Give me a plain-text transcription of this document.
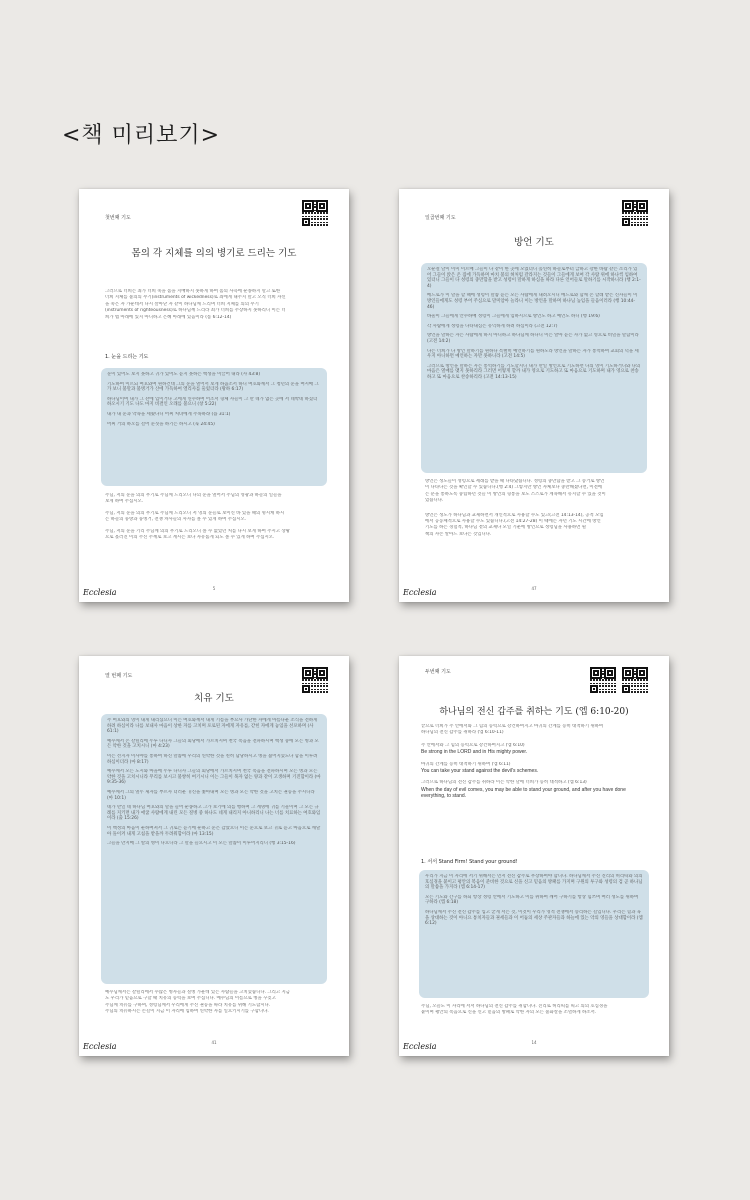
<책 미리보기>
첫번째 기도
몸의 각 지체를 의의 병기로 드리는 기도
그러므로 너희는 죄가 너희 죽을 몸을 지배하지 못하게 하여 몸의 사욕에 순종하지 말고 또한
너희 지체를 불의의 무기(instruments of wickedness)로 죄에게 내주지 말고 오직 너희 자신
을 죽은 자 가운데서 다시 살아난 자 같이 하나님께 드리며 너희 지체를 의의 무기
(instruments of righteousness)로 하나님께 드리라 죄가 너희를 주장하지 못하리니 이는 너
희가 법 아래에 있지 아니하고 은혜 아래에 있음이라 (롬 6:12-14)
1. 눈을 드리는 기도
눈이 있어도 보지 못하고 귀가 있어도 듣지 못하는 백성을 이끌어 내라 (사 43:8)
기도하여 이르되 여호와여 원하건대 그의 눈을 열어서 보게 하옵소서 하니 여호와께서 그 청년의 눈을 여시매 그가 보니 불말과 불병거가 산에 가득하여 엘리사를 둘렀더라 (왕하 6:17)
하나님이여 내가 그 잔에 입이거나 고에게 연수하여 어조서 형체 사들이 그 만 네가 없는 곳에 서 네박네 하셨더 하오시기 기도 나도 마지 비결인 오래를 불으니 (창 5:22)
내가 내 눈과 약속을 세웠나니 어찌 처녀에게 주목하랴 (욥 31:1)
어찌 거의 하오를 걸어 눈짓을 하기는 하시고 (눅 24:45)
주님, 저의 눈을 의의 무기로 주님께 드리오니 나의 눈을 열어서 주님의 영광과 하늘의 일들을
보게 하여 주십시오.
주님, 저의 눈을 의의 무기로 주님께 드리오니 저 영의 눈들로 보이신 바 있을 때의 명시케 하시
는 하늘의 풍방과 풍병거, 전쟁 차사들의 사자를 볼 수 있게 하여 주십시오.
주님, 저의 눈을 기리 주님께 의의 무기로 드리오니 볼 수 없었던 처를 다시 보게 하여 주시고 상황
으로 흘러진 이의 주신 주께로 보고 계시는 보다 자유롭게 되도 볼 수 있게 하여 주십시오.
5
Ecclesia
일곱번째 기도
방언 기도
오순절 날이 이미 이르매 그들이 다 같이 한 곳에 모였더니 홀연히 하늘로부터 급하고 강한 바람 같은 소리가 있어 그들이 앉은 온 집에 가득하며 마치 불의 혀처럼 갈라지는 것들이 그들에게 보여 각 사람 위에 하나씩 임하여 있더니 그들이 다 성령의 충만함을 받고 성령이 말하게 하심을 따라 다른 언어들로 말하기를 시작하니라 (행 2:1-4)
베드로가 이 말을 할 때에 성령이 말씀 듣는 모든 사람에게 내려오시니 베드로와 함께 온 할례 받은 신자들이 이방인들에게도 성령 부어 주심으로 말미암아 놀라니 이는 방언을 말하며 하나님 높임을 들음이러라 (행 10:44-46)
바울이 그들에게 안수하매 성령이 그들에게 임하시므로 방언도 하고 예언도 하니 (행 19:6)
각 사람에게 성령을 나타내심은 유익하게 하려 하심이라 (고전 12:7)
방언을 말하는 자는 사람에게 하지 아니하고 하나님께 하나니 이는 알아 듣는 자가 없고 영으로 비밀을 말함이라 (고전 14:2)
나는 너희가 다 방언 말하기를 원하나 특별히 예언하기를 원하노라 방언을 말하는 자가 통역하여 교회의 덕을 세우지 아니하면 예언하는 자만 못하니라 (고전 14:5)
그러므로 방언을 말하는 자는 통역하기를 기도할지니 내가 만일 방언으로 기도하면 나의 영이 기도하거니와 나의 마음은 열매를 맺지 못하리라 그러면 어떻게 할까 내가 영으로 기도하고 또 마음으로 기도하며 내가 영으로 찬송하고 또 마음으로 찬송하리라 (고전 14:13-15)
방언은 성도들이 성령으로 세례를 받을 때 나타났습니다. 성령의 충만함을 받고 그 증거로 방언
이 나타나는 것을 확인할 수 있습니다.(행 2:4) 그렇지만 방언 자체보다 충만해졌다면, 이전에
는 분을 통하도록 중립하던 것들 이 방언의 형통을 보도 스스로가 계속해서 유지할 수 있을 것이
었습니다.
방언은 성도가 하나님과 교제하면서 개인적으로 사용할 수도 있고(고전 14:13-14), 공적 모임
에서 공동체적으로 사용할 수도 있습니다.(고전 14:27-28) 이 때에는 자던 기도 시간에 방언
기도를 하는 경험적, 하나님 곁의 교제나 모일 기운에 방언으로 성령님을 사용하면 될
책의 자손 알아드 보다는 것입니다.
47
Ecclesia
열 번째 기도
치유 기도
주 여호와의 영이 내게 내리셨으니 이는 여호와께서 내게 기름을 부으사 가난한 자에게 아름다운 소식을 전하게 하려 하심이라 나를 보내사 마음이 상한 자를 고치며 포로된 자에게 자유를, 갇힌 자에게 놓임을 선포하며 (사 61:1)
예수께서 온 갈릴리에 두루 다니사 그들의 회당에서 가르치시며 천국 복음을 전파하시며 백성 중에 모든 병과 모든 약한 것을 고치시니 (마 4:23)
이는 선지자 이사야를 통하여 하신 말씀에 우리의 연약한 것을 친히 담당하시고 병을 짊어지셨도다 함을 이루려 하심이더라 (마 8:17)
예수께서 모든 도시와 마을에 두루 다니사 그들의 회당에서 가르치시며 천국 복음을 전파하시며 모든 병과 모든 약한 것을 고치시니라 무리를 보시고 불쌍히 여기시니 이는 그들이 목자 없는 양과 같이 고생하며 기진함이라 (마 9:35-36)
예수께서 그의 열두 제자를 부르사 더러운 귀신을 쫓아내며 모든 병과 모든 약한 것을 고치는 권능을 주시니라 (마 10:1)
네가 만일 네 하나님 여호와의 말을 들어 순종하고 그가 보기에 의를 행하며 그 계명에 귀를 기울이며 그 모든 규례를 지키면 내가 애굽 사람에게 내린 모든 질병 중 하나도 네게 내리지 아니하리니 나는 너를 치료하는 여호와임이라 (출 15:26)
이 백성의 마음이 둔하여져서 그 귀로는 듣기에 둔하고 눈은 감았으니 이는 눈으로 보고 귀로 듣고 마음으로 깨달아 돌이켜 내게 고침을 받을까 두려워함이라 (마 13:15)
그들을 만지매 그 딸의 병이 나으니라 그 말을 들으시고 이 모든 말씀이 이루어지리니 (행 3:15-16)
예수님께서는 갈릴리에서 수많은 병자들과 질병 가운데 있는 사람들을 고치셨습니다. 그리고 지금
도 우리가 믿음으로 구할 때 치유의 능력을 보여 주십니다. 예수님의 이름으로 병을 꾸짖고
주님께 치유를 구하며, 성령님께서 우리에게 주신 권능을 따라 치유를 위해 기도합시다.
주님의 치유하시는 손길이 지금 이 자리에 임하여 연약한 자를 일으키시기를 구합니다.
41
Ecclesia
두번째 기도
하나님의 전신 갑주를 취하는 기도 (엡 6:10-20)
끝으로 너희가 주 안에서와 그 힘의 능력으로 강건하여지고 마귀의 간계를 능히 대적하기 위하여
하나님의 전신 갑주를 취하라 (엡 6:10-11)
주 안에서와 그 힘의 능력으로 강건하여지고 (엡 6:10)
Be strong in the LORD and in His mighty power.
마귀의 간계를 능히 대적하기 위하여 (엡 6:11)
You can take your stand against the devil's schemes.
그러므로 하나님의 전신 갑주를 취하라 이는 악한 날에 너희가 능히 대적하고 (엡 6:13)
When the day of evil comes, you may be able to stand your ground, and after you have done everything, to stand.
1. 서서 Stand Firm! Stand your ground!
우리가 지금 이 자리에 서기 위해서는 먼저 전신 갑주로 무장하여야 합니다. 하나님께서 주신 진리의 허리띠와 의의 호심경을 붙이고 평안의 복음이 준비한 것으로 신을 신고 믿음의 방패를 가지며 구원의 투구와 성령의 검 곧 하나님의 말씀을 가지라 (엡 6:14-17)
모든 기도와 간구를 하되 항상 성령 안에서 기도하고 이를 위하여 깨어 구하기를 항상 힘쓰며 여러 성도를 위하여 구하라 (엡 6:18)
하나님께서 주신 전신 갑주를 입고 굳게 서는 것, 이것이 우리가 영적 전쟁에서 승리하는 길입니다. 우리는 혈과 육을 상대하는 것이 아니요 통치자들과 권세들과 이 어둠의 세상 주관자들과 하늘에 있는 악의 영들을 상대함이라 (엡 6:12)
주님, 오늘도 이 자리에 서서 하나님의 전신 갑주를 취합니다. 진리로 허리띠를 띠고 의의 호심경을
붙이며 평안의 복음으로 신을 신고 믿음의 방패로 악한 자의 모든 불화살을 소멸하게 하소서.
14
Ecclesia
